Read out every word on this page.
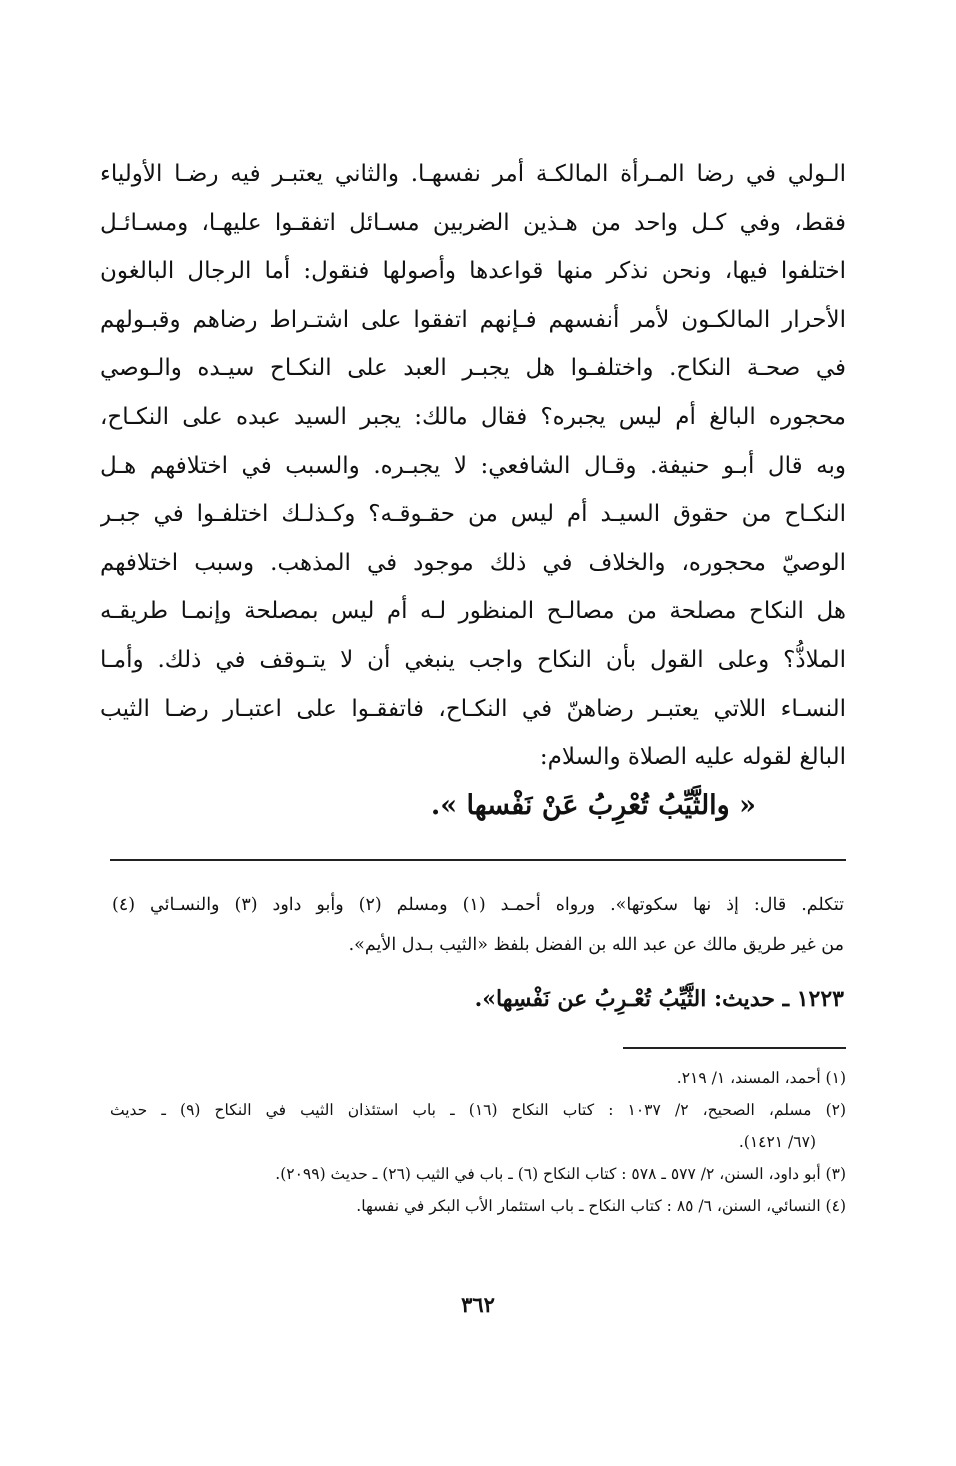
الـولي في رضا المـرأة المالكـة أمر نفسهـا. والثاني يعتبـر فيه رضـا الأولياء
فقط، وفي كـل واحد من هـذين الضربين مسـائل اتفقـوا عليهـا، ومسـائـل
اختلفوا فيها، ونحن نذكر منها قواعدها وأصولها فنقول: أما الرجال البالغون
الأحرار المالكـون لأمر أنفسهم فـإنهم اتفقوا على اشتـراط رضاهم وقبـولهم
في صحـة النكاح. واختلفـوا هل يجبـر العبد على النكـاح سيـده والـوصي
محجوره البالغ أم ليس يجبره؟ فقال مالك: يجبر السيد عبده على النكـاح،
وبه قال أبـو حنيفة. وقـال الشافعي: لا يجبـره. والسبب في اختلافهم هـل
النكـاح من حقوق السيـد أم ليس من حقـوقـه؟ وكـذلـك اختلفـوا في جبـر
الوصيّ محجوره، والخلاف في ذلك موجود في المذهب. وسبب اختلافهم
هل النكاح مصلحة من مصالـح المنظور لـه أم ليس بمصلحة وإنمـا طريقـه
الملاذُّ؟ وعلى القول بأن النكاح واجب ينبغي أن لا يتـوقف في ذلك. وأمـا
النسـاء اللاتي يعتبـر رضاهنّ في النكـاح، فاتفقـوا على اعتبـار رضـا الثيب
البالغ لقوله عليه الصلاة والسلام:
« والثَّيِّبُ تُعْرِبُ عَنْ نَفْسها ».
تتكلم. قال: إذ نها سكوتها». ورواه أحمـد (١) ومسلم (٢) وأبو داود (٣) والنسـائي (٤)
من غير طريق مالك عن عبد الله بن الفضل بلفظ «الثيب بـدل الأيم».
١٢٢٣ ـ حديث: الثَّيِّبُ تُعْـرِبُ عن نَفْسِها».
(١) أحمد، المسند، ١/ ٢١٩.
(٢) مسلم، الصحيح، ٢/ ١٠٣٧ : كتاب النكاح (١٦) ـ باب استئذان الثيب في النكاح (٩) ـ حديث
(٦٧/ ١٤٢١).
(٣) أبو داود، السنن، ٢/ ٥٧٧ ـ ٥٧٨ : كتاب النكاح (٦) ـ باب في الثيب (٢٦) ـ حديث (٢٠٩٩).
(٤) النسائي، السنن، ٦/ ٨٥ : كتاب النكاح ـ باب استئمار الأب البكر في نفسها.
٣٦٢
